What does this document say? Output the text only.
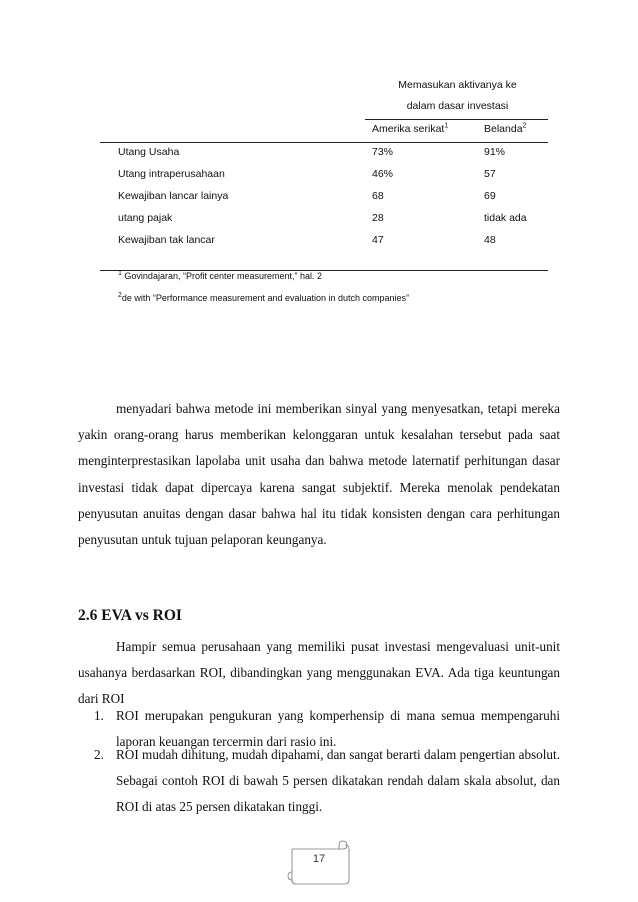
Memasukan aktivanya ke
dalam dasar investasi
Amerika serikat$^1$	Belanda$^2$
Utang Usaha	73%	91%
Utang intraperusahaan	46%	57
Kewajiban lancar lainya	68	69
utang pajak	28	tidak ada
Kewajiban tak lancar	47	48
$^1$ Govindajaran, “Profit center measurement,” hal. 2
$^2$de with “Performance measurement and evaluation in dutch companies”
menyadari bahwa metode ini memberikan sinyal yang menyesatkan, tetapi mereka yakin orang-orang harus memberikan kelonggaran untuk kesalahan tersebut pada saat menginterprestasikan lapolaba unit usaha dan bahwa metode laternatif perhitungan dasar investasi tidak dapat dipercaya karena sangat subjektif. Mereka menolak pendekatan penyusutan anuitas dengan dasar bahwa hal itu tidak konsisten dengan cara perhitungan penyusutan untuk tujuan pelaporan keunganya.
2.6 EVA vs ROI
Hampir semua perusahaan yang memiliki pusat investasi mengevaluasi unit-unit usahanya berdasarkan ROI, dibandingkan yang menggunakan EVA. Ada tiga keuntungan dari ROI
1. ROI merupakan pengukuran yang komperhensip di mana semua mempengaruhi laporan keuangan tercermin dari rasio ini.
2. ROI mudah dihitung, mudah dipahami, dan sangat berarti dalam pengertian absolut. Sebagai contoh ROI di bawah 5 persen dikatakan rendah dalam skala absolut, dan ROI di atas 25 persen dikatakan tinggi.
17
